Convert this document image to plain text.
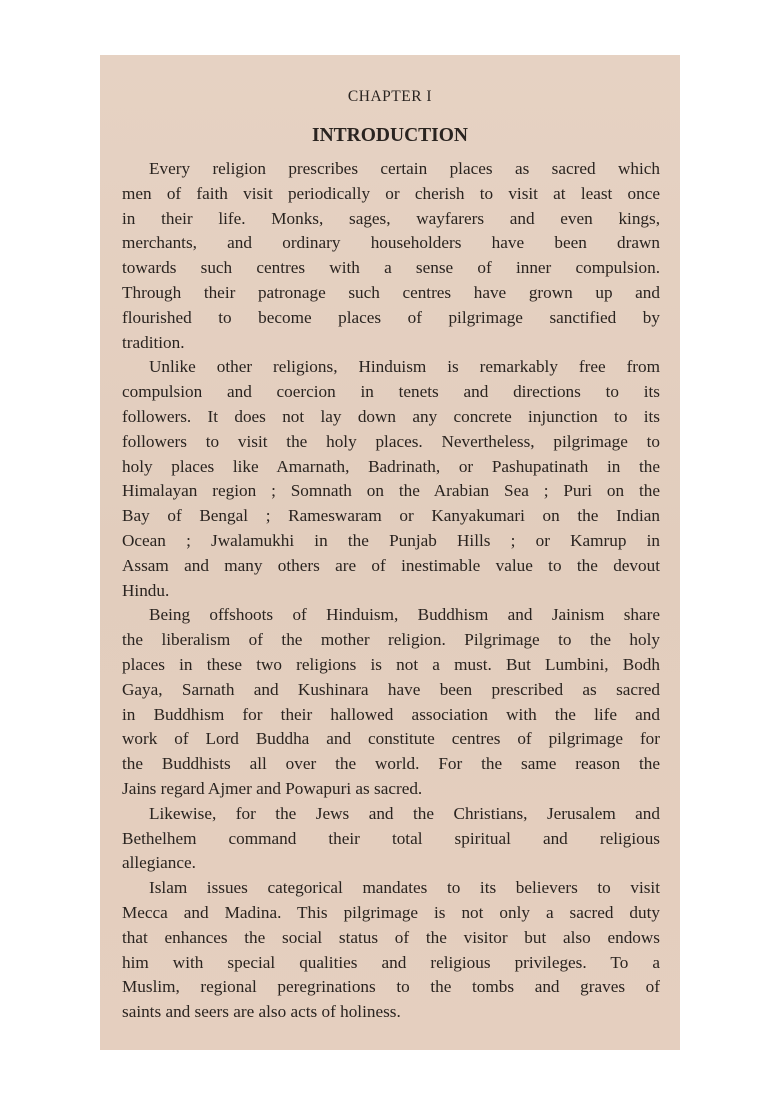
CHAPTER I
INTRODUCTION
Every religion prescribes certain places as sacred which
men of faith visit periodically or cherish to visit at least once
in their life. Monks, sages, wayfarers and even kings,
merchants, and ordinary householders have been drawn
towards such centres with a sense of inner compulsion.
Through their patronage such centres have grown up and
flourished to become places of pilgrimage sanctified by
tradition.
Unlike other religions, Hinduism is remarkably free from
compulsion and coercion in tenets and directions to its
followers. It does not lay down any concrete injunction to its
followers to visit the holy places. Nevertheless, pilgrimage to
holy places like Amarnath, Badrinath, or Pashupatinath in the
Himalayan region ; Somnath on the Arabian Sea ; Puri on the
Bay of Bengal ; Rameswaram or Kanyakumari on the Indian
Ocean ; Jwalamukhi in the Punjab Hills ; or Kamrup in
Assam and many others are of inestimable value to the devout
Hindu.
Being offshoots of Hinduism, Buddhism and Jainism share
the liberalism of the mother religion. Pilgrimage to the holy
places in these two religions is not a must. But Lumbini, Bodh
Gaya, Sarnath and Kushinara have been prescribed as sacred
in Buddhism for their hallowed association with the life and
work of Lord Buddha and constitute centres of pilgrimage for
the Buddhists all over the world. For the same reason the
Jains regard Ajmer and Powapuri as sacred.
Likewise, for the Jews and the Christians, Jerusalem and
Bethelhem command their total spiritual and religious
allegiance.
Islam issues categorical mandates to its believers to visit
Mecca and Madina. This pilgrimage is not only a sacred duty
that enhances the social status of the visitor but also endows
him with special qualities and religious privileges. To a
Muslim, regional peregrinations to the tombs and graves of
saints and seers are also acts of holiness.
